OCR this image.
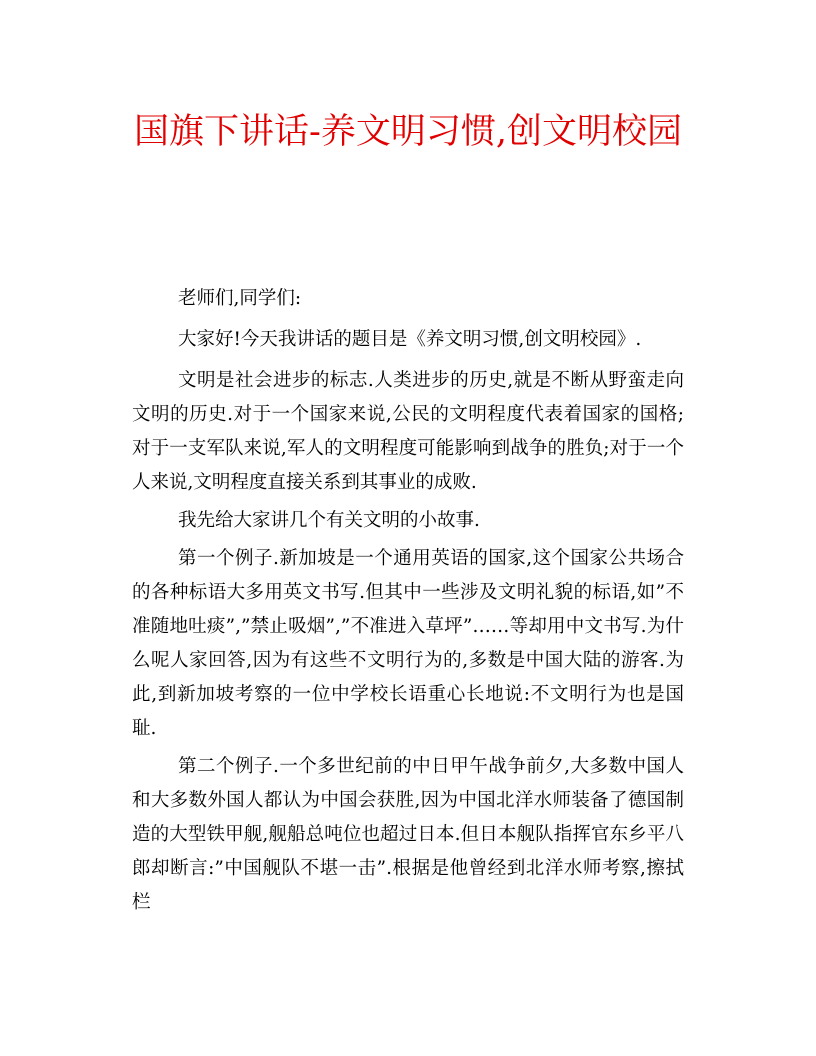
国旗下讲话-养文明习惯,创文明校园

老师们,同学们:

大家好!今天我讲话的题目是《养文明习惯,创文明校园》.

文明是社会进步的标志.人类进步的历史,就是不断从野蛮走向文明的历史.对于一个国家来说,公民的文明程度代表着国家的国格;对于一支军队来说,军人的文明程度可能影响到战争的胜负;对于一个人来说,文明程度直接关系到其事业的成败.

我先给大家讲几个有关文明的小故事.

第一个例子.新加坡是一个通用英语的国家,这个国家公共场合的各种标语大多用英文书写.但其中一些涉及文明礼貌的标语,如”不准随地吐痰”,”禁止吸烟”,”不准进入草坪”……等却用中文书写.为什么呢人家回答,因为有这些不文明行为的,多数是中国大陆的游客.为此,到新加坡考察的一位中学校长语重心长地说:不文明行为也是国耻.

第二个例子.一个多世纪前的中日甲午战争前夕,大多数中国人和大多数外国人都认为中国会获胜,因为中国北洋水师装备了德国制造的大型铁甲舰,舰船总吨位也超过日本.但日本舰队指挥官东乡平八郎却断言:”中国舰队不堪一击”.根据是他曾经到北洋水师考察,擦拭栏
